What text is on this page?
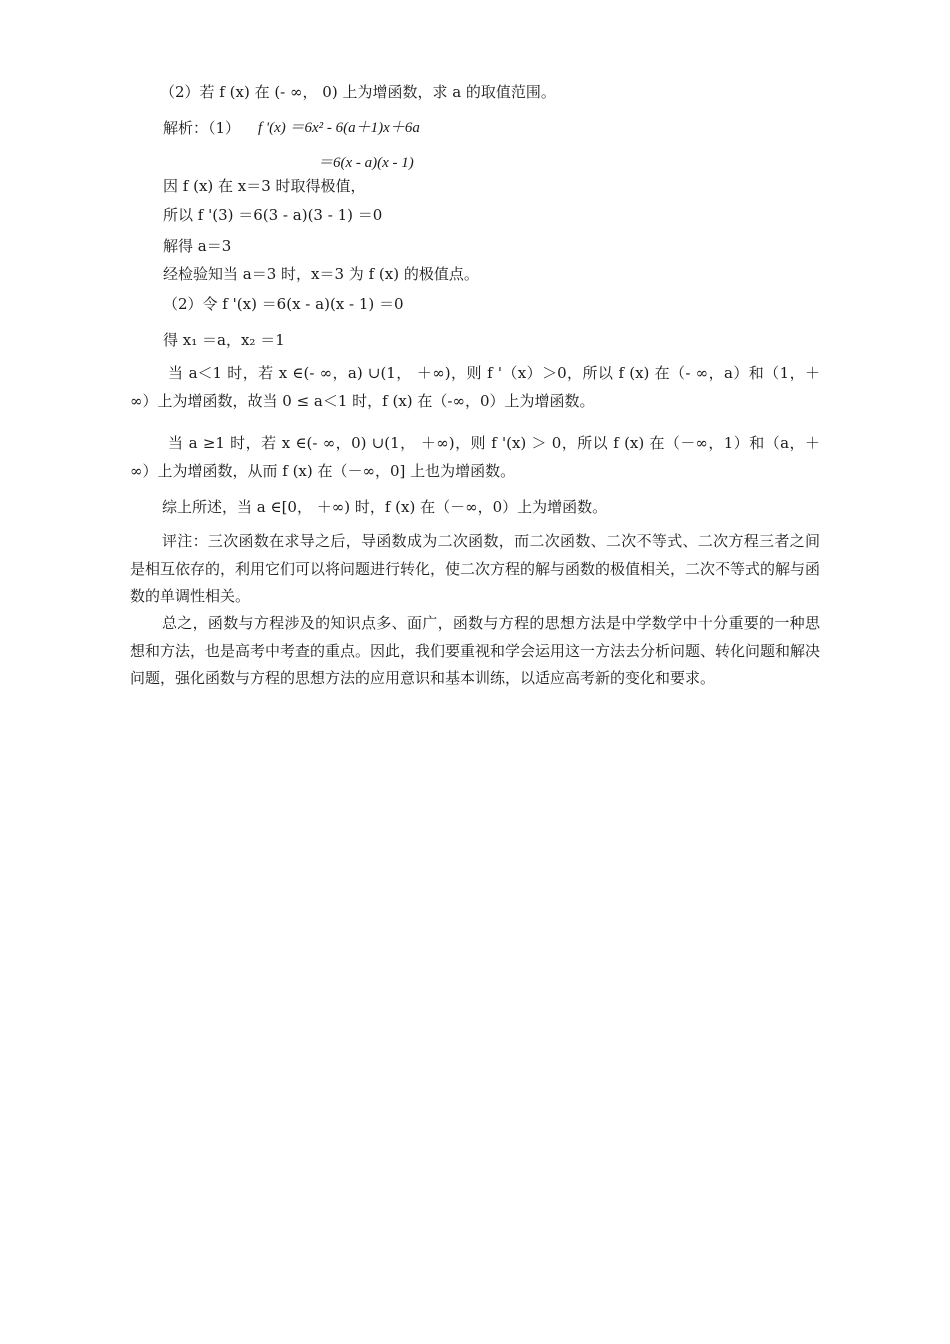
（2）若 f (x) 在 (- ∞， 0) 上为增函数，求 a 的取值范围。
解析：（1） f '(x) ＝6x² - 6(a＋1)x＋6a
＝6(x - a)(x - 1)
因 f (x) 在 x＝3 时取得极值，
所以 f '(3) ＝6(3 - a)(3 - 1) ＝0
解得 a＝3
经检验知当 a＝3 时，x＝3 为 f (x) 的极值点。
（2）令 f '(x) ＝6(x - a)(x - 1) ＝0
得 x₁ ＝a，x₂ ＝1
当 a＜1 时，若 x ∈(- ∞，a) ∪(1， ＋∞)，则 f '（x）＞0，所以 f (x) 在（- ∞，a）和（1，＋∞）上为增函数，故当 0 ≤ a＜1 时，f (x) 在（-∞，0）上为增函数。
当 a ≥1 时，若 x ∈(- ∞，0) ∪(1， ＋∞)，则 f '(x) ＞ 0，所以 f (x) 在（－∞，1）和（a，＋∞）上为增函数，从而 f (x) 在（－∞，0] 上也为增函数。
综上所述，当 a ∈[0， ＋∞) 时，f (x) 在（－∞，0）上为增函数。
评注：三次函数在求导之后，导函数成为二次函数，而二次函数、二次不等式、二次方程三者之间是相互依存的，利用它们可以将问题进行转化，使二次方程的解与函数的极值相关，二次不等式的解与函数的单调性相关。
总之，函数与方程涉及的知识点多、面广，函数与方程的思想方法是中学数学中十分重要的一种思想和方法，也是高考中考查的重点。因此，我们要重视和学会运用这一方法去分析问题、转化问题和解决问题，强化函数与方程的思想方法的应用意识和基本训练，以适应高考新的变化和要求。
